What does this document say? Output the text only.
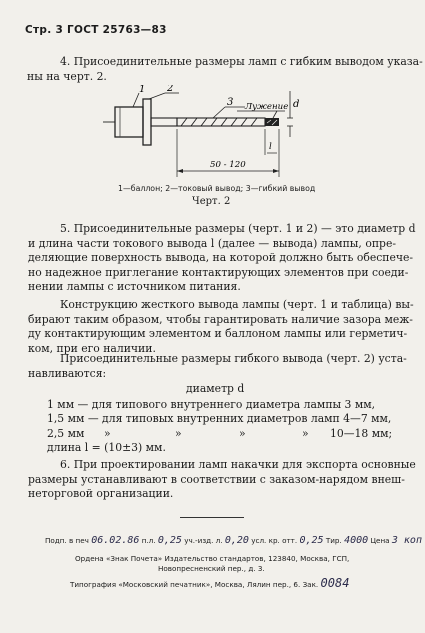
Стр. 3 ГОСТ 25763—83
4. Присоединительные размеры ламп с гибким выводом указа-
ны на черт. 2.
1 2
3 Лужение d
l
50 - 120
1—баллон; 2—токовый вывод; 3—гибкий вывод
Черт. 2
5. Присоединительные размеры (черт. 1 и 2) — это диаметр d
и длина части токового вывода l (далее — вывода) лампы, опре-
деляющие поверхность вывода, на которой должно быть обеспече-
но надежное приглегание контактирующих элементов при соеди-
нении лампы с источником питания.
Конструкцию жесткого вывода лампы (черт. 1 и таблица) вы-
бирают таким образом, чтобы гарантировать наличие зазора меж-
ду контактирующим элементом и баллоном лампы или герметич-
ком, при его наличии.
Присоединительные размеры гибкого вывода (черт. 2) уста-
навливаются:
диаметр d
1 мм — для типового внутреннего диаметра лампы 3 мм,
1,5 мм — для типовых внутренних диаметров ламп 4—7 мм,
2,5 мм »	»	»	» 10—18 мм;
длина l = (10±3) мм.
6. При проектировании ламп накачки для экспорта основные
размеры устанавливают в соответствии с заказом-нарядом внеш-
неторговой организации.
Подп. в печ 06.02.86 п.л. 0,25 уч.-изд. л. 0,20 усл. кр. отт. 0,25 Тир. 4000 Цена 3 коп
Ордена «Знак Почета» Издательство стандартов, 123840, Москва, ГСП,
Новопресненский пер., д. 3.
Типография «Московский печатник», Москва, Лялин пер., 6. Зак. 0084
